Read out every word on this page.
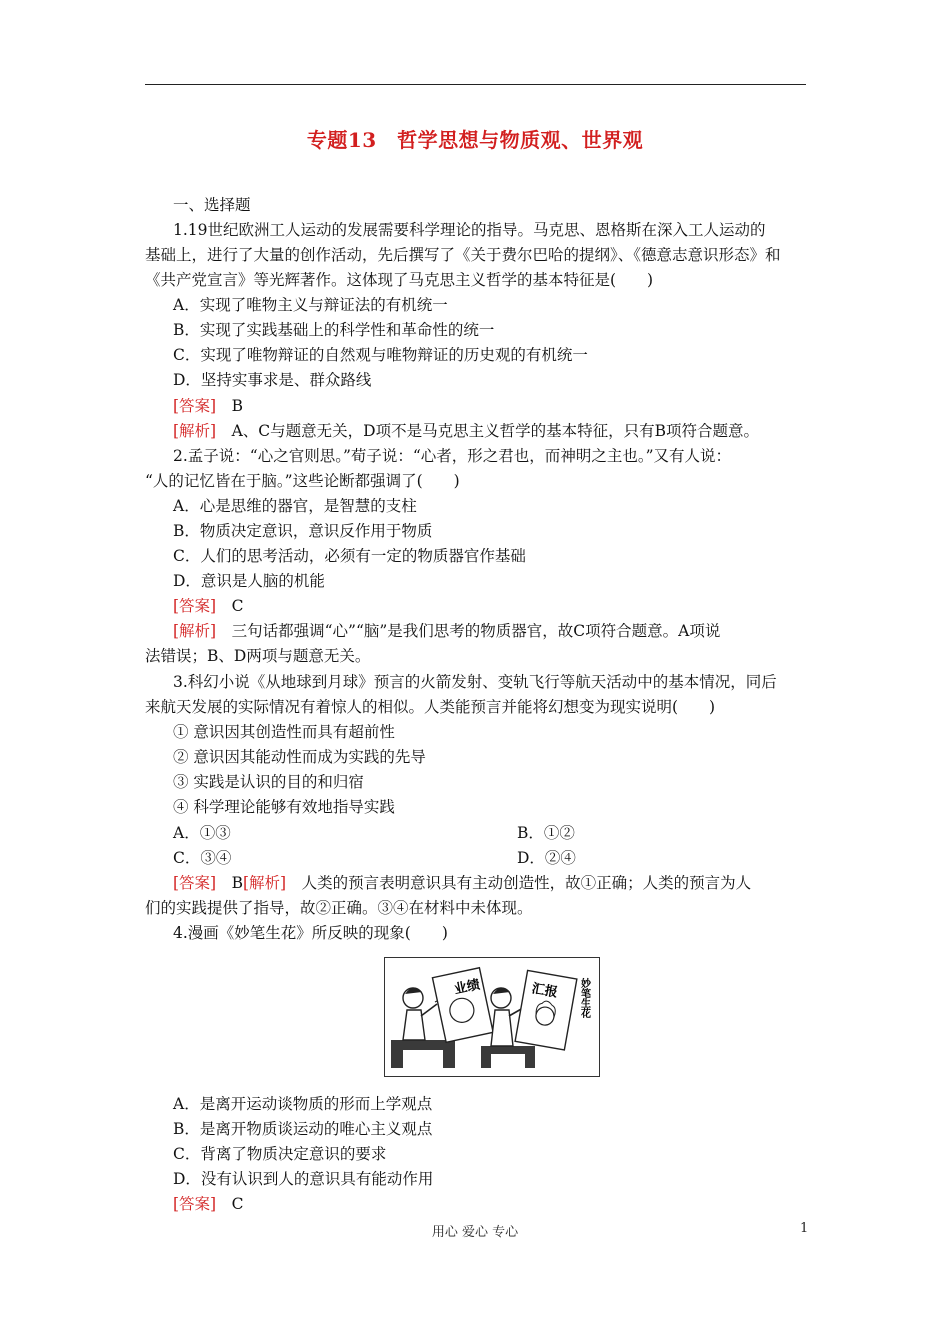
专题13　哲学思想与物质观、世界观
一、选择题
1.19世纪欧洲工人运动的发展需要科学理论的指导。马克思、恩格斯在深入工人运动的
基础上，进行了大量的创作活动，先后撰写了《关于费尔巴哈的提纲》、《德意志意识形态》和
《共产党宣言》等光辉著作。这体现了马克思主义哲学的基本特征是(　　)
A．实现了唯物主义与辩证法的有机统一
B．实现了实践基础上的科学性和革命性的统一
C．实现了唯物辩证的自然观与唯物辩证的历史观的有机统一
D．坚持实事求是、群众路线
[答案]　B
[解析]　A、C与题意无关，D项不是马克思主义哲学的基本特征，只有B项符合题意。
2.孟子说：“心之官则思。”荀子说：“心者，形之君也，而神明之主也。”又有人说：
“人的记忆皆在于脑。”这些论断都强调了(　　)
A．心是思维的器官，是智慧的支柱
B．物质决定意识，意识反作用于物质
C．人们的思考活动，必须有一定的物质器官作基础
D．意识是人脑的机能
[答案]　C
[解析]　三句话都强调“心”“脑”是我们思考的物质器官，故C项符合题意。A项说
法错误；B、D两项与题意无关。
3.科幻小说《从地球到月球》预言的火箭发射、变轨飞行等航天活动中的基本情况，同后
来航天发展的实际情况有着惊人的相似。人类能预言并能将幻想变为现实说明(　　)
① 意识因其创造性而具有超前性
② 意识因其能动性而成为实践的先导
③ 实践是认识的目的和归宿
④ 科学理论能够有效地指导实践
A．①③	B．①②
C．③④	D．②④
[答案]　B[解析]　人类的预言表明意识具有主动创造性，故①正确；人类的预言为人
们的实践提供了指导，故②正确。③④在材料中未体现。
4.漫画《妙笔生花》所反映的现象(　　)
业绩	汇报 妙笔生花
A．是离开运动谈物质的形而上学观点
B．是离开物质谈运动的唯心主义观点
C．背离了物质决定意识的要求
D．没有认识到人的意识具有能动作用
[答案]　C
用心 爱心 专心	1
